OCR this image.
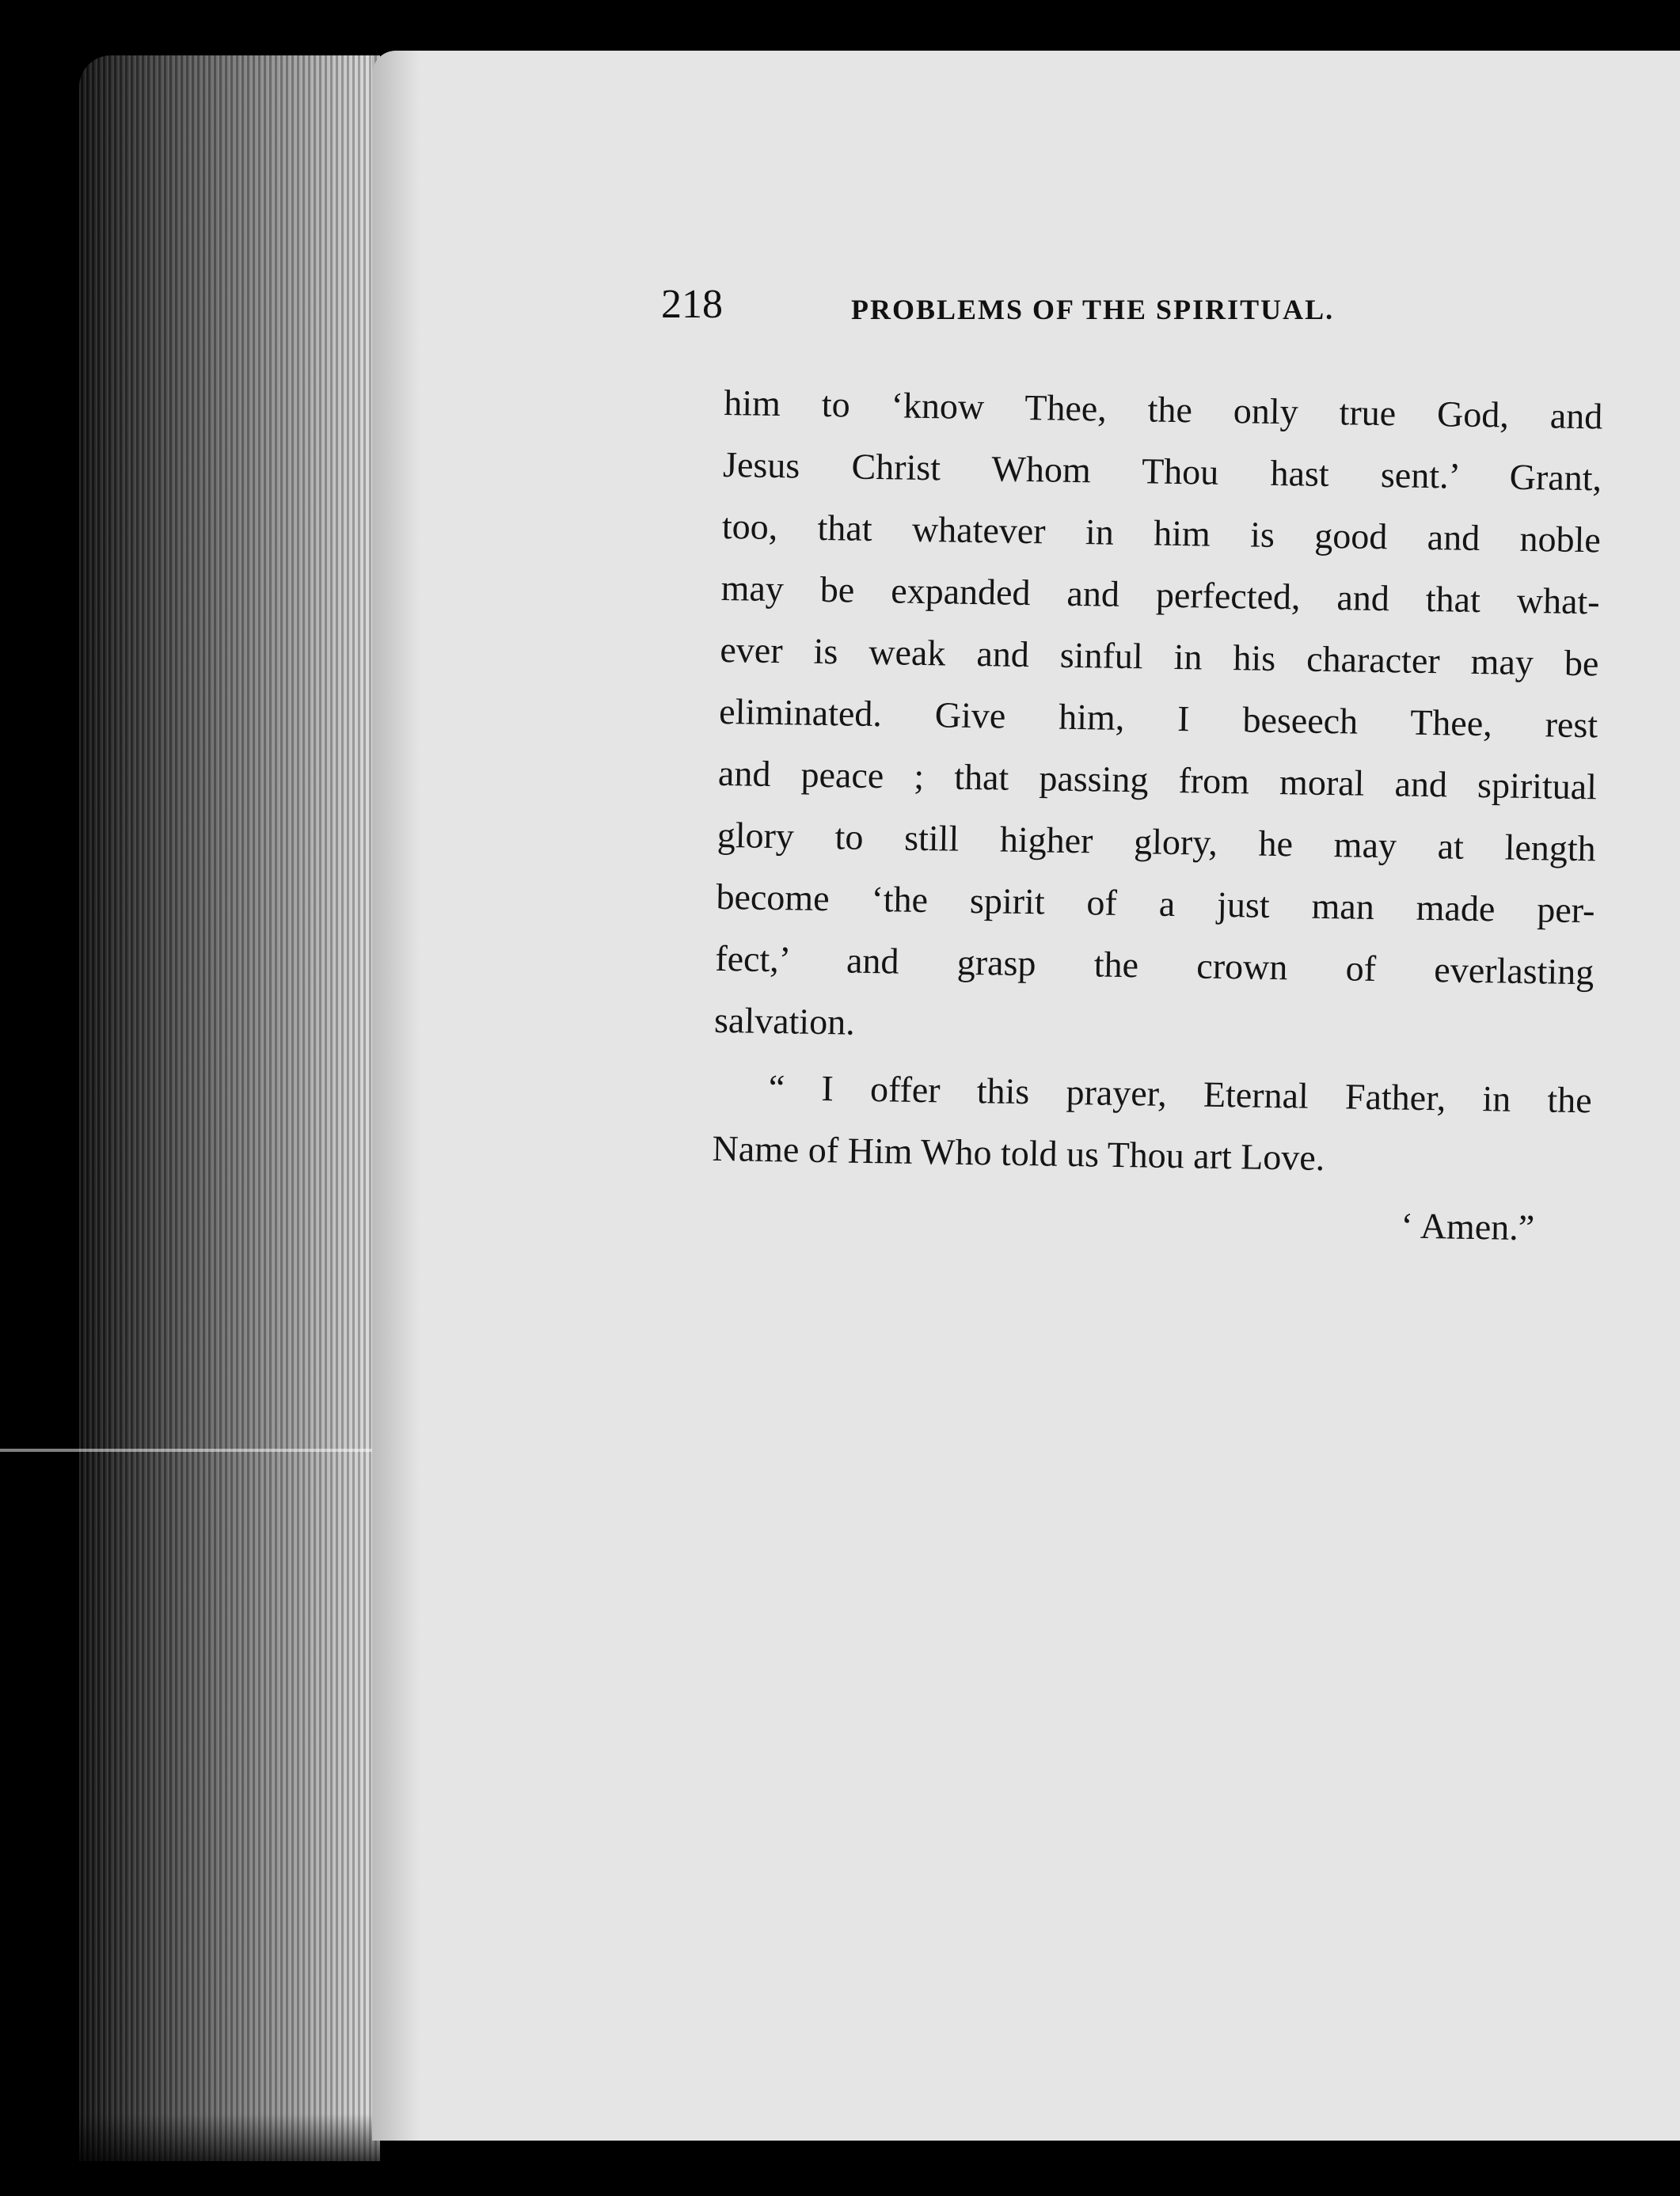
218	PROBLEMS OF THE SPIRITUAL.
him to ‘know Thee, the only true God, and
Jesus Christ Whom Thou hast sent.’ Grant,
too, that whatever in him is good and noble
may be expanded and perfected, and that what-
ever is weak and sinful in his character may be
eliminated. Give him, I beseech Thee, rest
and peace ; that passing from moral and spiritual
glory to still higher glory, he may at length
become ‘the spirit of a just man made per-
fect,’ and grasp the crown of everlasting
salvation.
“ I offer this prayer, Eternal Father, in the
Name of Him Who told us Thou art Love.
‘ Amen.”
